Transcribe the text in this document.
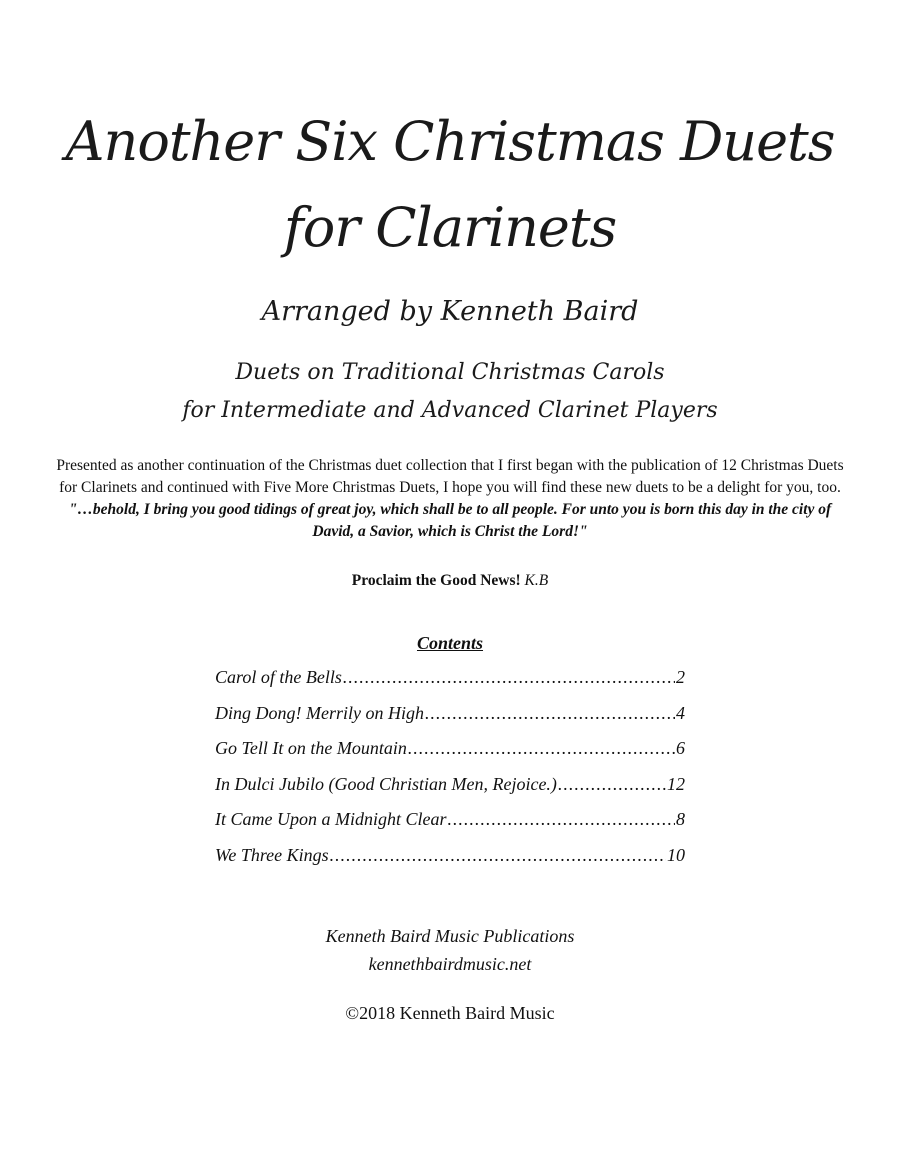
Another Six Christmas Duets
for Clarinets
Arranged by Kenneth Baird
Duets on Traditional Christmas Carols
for Intermediate and Advanced Clarinet Players
Presented as another continuation of the Christmas duet collection that I first began with the publication of 12 Christmas Duets for Clarinets and continued with Five More Christmas Duets, I hope you will find these new duets to be a delight for you, too. "…behold, I bring you good tidings of great joy, which shall be to all people. For unto you is born this day in the city of David, a Savior, which is Christ the Lord!"
Proclaim the Good News! K.B
Contents
Carol of the Bells .....	2
Ding Dong! Merrily on High .....	4
Go Tell It on the Mountain .....	6
In Dulci Jubilo (Good Christian Men, Rejoice.) .....	12
It Came Upon a Midnight Clear .....	8
We Three Kings .....	10
Kenneth Baird Music Publications
kennethbairdmusic.net
©2018 Kenneth Baird Music
